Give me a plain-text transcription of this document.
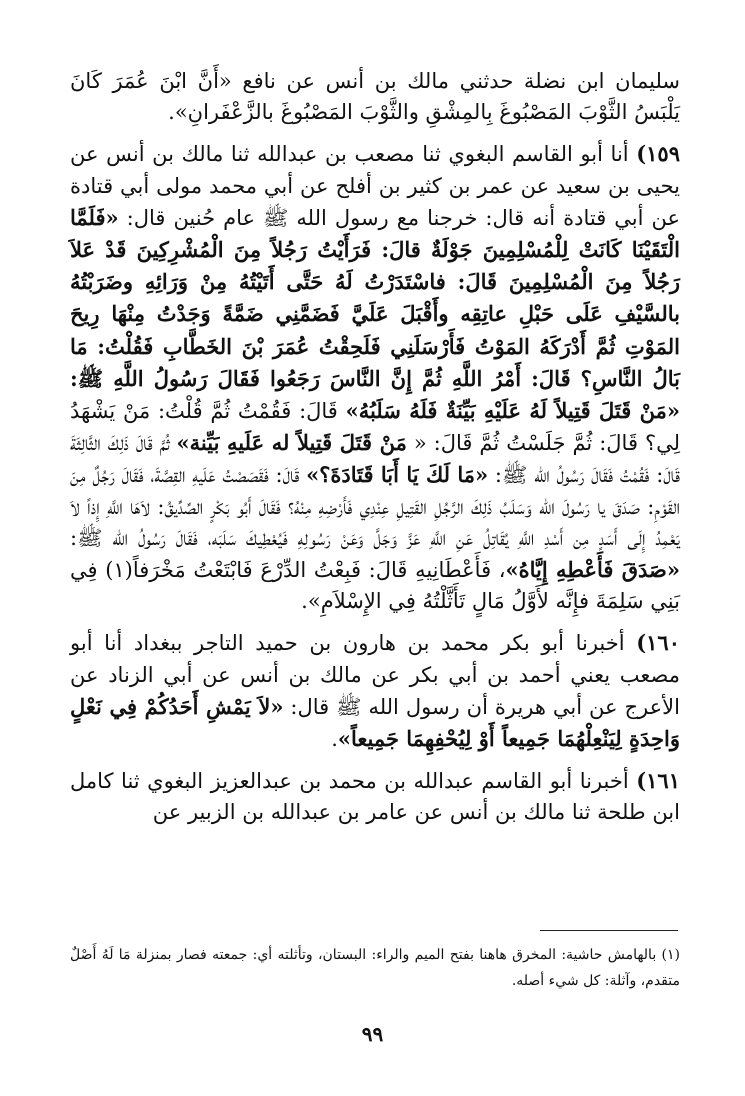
سليمان ابن نضلة حدثني مالك بن أنس عن نافع «أَنَّ ابْنَ عُمَرَ كَانَ يَلْبَسُ الثَّوْبَ المَصْبُوغَ بِالمِشْقِ والثَّوْبَ المَصْبُوغَ بالزَّعْفَرانِ».

١٥٩) أنا أبو القاسم البغوي ثنا مصعب بن عبدالله ثنا مالك بن أنس عن يحيى بن سعيد عن عمر بن كثير بن أفلح عن أبي محمد مولى أبي قتادة عن أبي قتادة أنه قال: خرجنا مع رسول الله ﷺ عام حُنين قال: «فَلَمَّا الْتَقَيْنَا كَانَتْ لِلْمُسْلِمِينَ جَوْلَةٌ قالَ: فَرَأَيْتُ رَجُلاً مِنَ الْمُشْرِكِينَ قَدْ عَلاَ رَجُلاً مِنَ الْمُسْلِمِينَ قَالَ: فاسْتَدَرْتُ لَهُ حَتَّى أَتَيْتُهُ مِنْ وَرَائِهِ وضَرَبْتُهُ بالسَّيْفِ عَلَى حَبْلِ عاتِقِه وأَقْبَلَ عَلَيَّ فَضَمَّنِي ضَمَّةً وَجَدْتُ مِنْهَا رِيحَ المَوْتِ ثُمَّ أَدْرَكَهُ المَوْتُ فَأَرْسَلَنِي فَلَحِقْتُ عُمَرَ بْنَ الخَطَّابِ فَقُلْتُ: مَا بَالُ النَّاسِ؟ قَالَ: أَمْرُ اللَّهِ ثُمَّ إِنَّ النَّاسَ رَجَعُوا فَقَالَ رَسُولُ اللَّهِ ﷺ: «مَنْ قَتَلَ قَتِيلاً لَهُ عَلَيْهِ بَيِّنَةٌ فَلَهُ سَلَبُهُ» قَالَ: فَقُمْتُ ثُمَّ قُلْتُ: مَنْ يَشْهَدُ لِي؟ قَالَ: ثُمَّ جَلَسْتُ ثُمَّ قَالَ: « مَنْ قَتَلَ قَتِيلاً له عَلَيهِ بَيِّنة» ثُمَّ قَالَ ذَلِكَ الثَّالِثَةَ قَالَ: فَقُمْتُ فَقَالَ رَسُولُ الله ﷺ: «مَا لَكَ يَا أَبَا قَتَادَةَ؟» قَالَ: فَقَصَصْتُ عَلَيهِ القِصَّةَ، فَقَالَ رَجُلٌ مِنَ القَوْمِ: صَدَقَ يا رَسُولَ الله وَسَلَبُ ذَلِكَ الرَّجُلِ القَتِيلِ عِنْدِي فَأَرْضِهِ مِنْهُ؟ فَقَالَ أَبُو بَكْرٍ الصِّدِّيقُ: لاَهَا اللَّهِ إِذاً لاَ يَعْمِدُ إِلَى أَسَدٍ مِن أَسْدِ اللَّهِ يُقَاتِلُ عَنِ اللَّهِ عَزَّ وَجَلَّ وَعَنْ رَسُولِهِ فَيُعْطِيكَ سَلَبَه، فَقَالَ رَسُولُ الله ﷺ: «صَدَقَ فَأَعْطِهِ إِيَّاهُ»، فَأَعْطَانِيهِ قَالَ: فَبِعْتُ الدِّرْعَ فَابْتَعْتُ مَخْرَفاً(١) فِي بَنِي سَلِمَةَ فإِنَّه لأَوَّلُ مَالٍ تَأَثَّلْتُهُ فِي الإِسْلاَمِ».

١٦٠) أخبرنا أبو بكر محمد بن هارون بن حميد التاجر ببغداد أنا أبو مصعب يعني أحمد بن أبي بكر عن مالك بن أنس عن أبي الزناد عن الأعرج عن أبي هريرة أن رسول الله ﷺ قال: «لاَ يَمْشِ أَحَدُكُمْ فِي نَعْلٍ وَاحِدَةٍ لِيَنْعِلْهُمَا جَمِيعاً أَوْ لِيُحْفِهِمَا جَمِيعاً».

١٦١) أخبرنا أبو القاسم عبدالله بن محمد بن عبدالعزيز البغوي ثنا كامل ابن طلحة ثنا مالك بن أنس عن عامر بن عبدالله بن الزبير عن

(١) بالهامش حاشية: المخرق هاهنا بفتح الميم والراء: البستان، وتأثلته أي: جمعته فصار بمنزلة مَا لَهُ أَصْلٌ متقدم، وآثلة: كل شيء أصله.
٩٩
